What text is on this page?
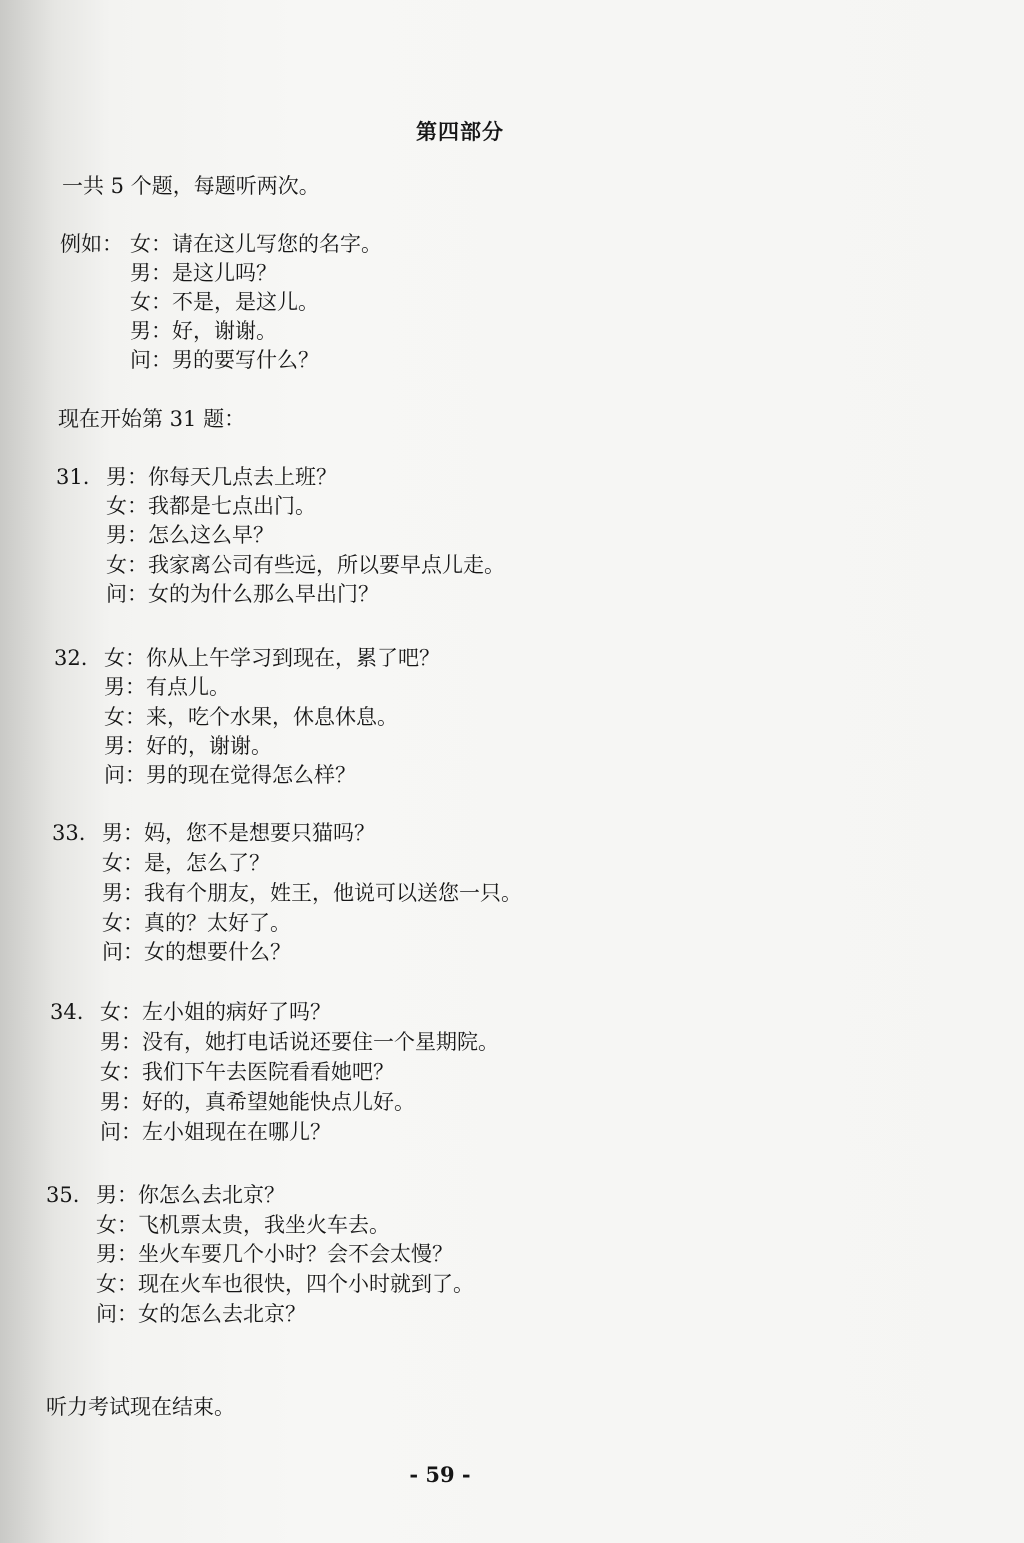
第四部分
一共 5 个题，每题听两次。
例如： 女：请在这儿写您的名字。
男：是这儿吗？
女：不是，是这儿。
男：好，谢谢。
问：男的要写什么？
现在开始第 31 题：
31. 男：你每天几点去上班？
女：我都是七点出门。
男：怎么这么早？
女：我家离公司有些远，所以要早点儿走。
问：女的为什么那么早出门？
32. 女：你从上午学习到现在，累了吧？
男：有点儿。
女：来，吃个水果，休息休息。
男：好的，谢谢。
问：男的现在觉得怎么样？
33. 男：妈，您不是想要只猫吗？
女：是，怎么了？
男：我有个朋友，姓王，他说可以送您一只。
女：真的？太好了。
问：女的想要什么？
34. 女：左小姐的病好了吗？
男：没有，她打电话说还要住一个星期院。
女：我们下午去医院看看她吧？
男：好的，真希望她能快点儿好。
问：左小姐现在在哪儿？
35. 男：你怎么去北京？
女：飞机票太贵，我坐火车去。
男：坐火车要几个小时？会不会太慢？
女：现在火车也很快，四个小时就到了。
问：女的怎么去北京？
听力考试现在结束。
- 59 -
